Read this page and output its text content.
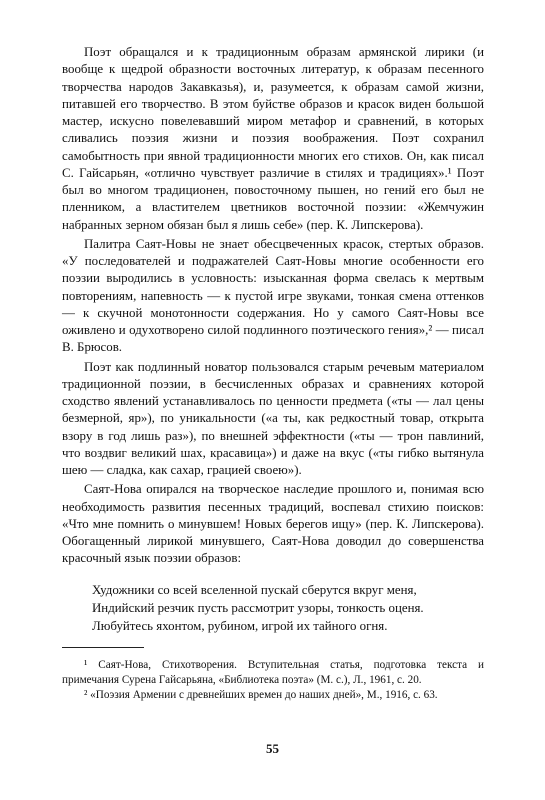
Поэт обращался и к традиционным образам армянской лирики (и вообще к щедрой образности восточных литератур, к образам песенного творчества народов Закавказья), и, разумеется, к образам самой жизни, питавшей его творчество. В этом буйстве образов и красок виден большой мастер, искусно повелевавший миром метафор и сравнений, в которых сливались поэзия жизни и поэзия воображения. Поэт сохранил самобытность при явной традиционности многих его стихов. Он, как писал С. Гайсарьян, «отлично чувствует различие в стилях и традициях».¹ Поэт был во многом традиционен, повосточному пышен, но гений его был не пленником, а властителем цветников восточной поэзии: «Жемчужин набранных зерном обязан был я лишь себе» (пер. К. Липскерова).

Палитра Саят-Новы не знает обесцвеченных красок, стертых образов. «У последователей и подражателей Саят-Новы многие особенности его поэзии выродились в условность: изысканная форма свелась к мертвым повторениям, напевность — к пустой игре звуками, тонкая смена оттенков — к скучной монотонности содержания. Но у самого Саят-Новы все оживлено и одухотворено силой подлинного поэтического гения»,² — писал В. Брюсов.

Поэт как подлинный новатор пользовался старым речевым материалом традиционной поэзии, в бесчисленных образах и сравнениях которой сходство явлений устанавливалось по ценности предмета («ты — лал цены безмерной, яр»), по уникальности («а ты, как редкостный товар, открыта взору в год лишь раз»), по внешней эффектности («ты — трон павлиний, что воздвиг великий шах, красавица») и даже на вкус («ты гибко вытянула шею — сладка, как сахар, грацией своею»).

Саят-Нова опирался на творческое наследие прошлого и, понимая всю необходимость развития песенных традиций, воспевал стихию поисков: «Что мне помнить о минувшем! Новых берегов ищу» (пер. К. Липскерова). Обогащенный лирикой минувшего, Саят-Нова доводил до совершенства красочный язык поэзии образов:

Художники со всей вселенной пускай сберутся вкруг меня,
Индийский резчик пусть рассмотрит узоры, тонкость оценя.
Любуйтесь яхонтом, рубином, игрой их тайного огня.

¹ Саят-Нова, Стихотворения. Вступительная статья, подготовка текста и примечания Сурена Гайсарьяна, «Библиотека поэта» (М. с.), Л., 1961, с. 20.

² «Поэзия Армении с древнейших времен до наших дней», М., 1916, с. 63.

55
